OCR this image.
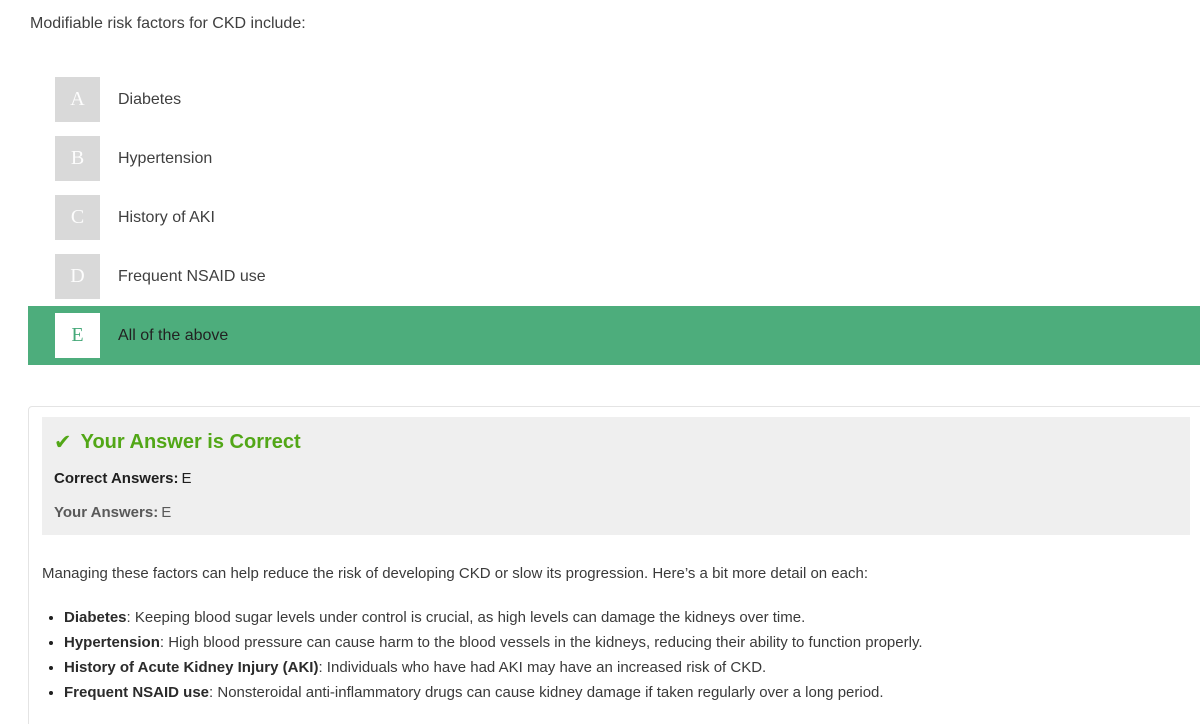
Modifiable risk factors for CKD include:
A	Diabetes
B	Hypertension
C	History of AKI
D	Frequent NSAID use
E	All of the above
✔ Your Answer is Correct
Correct Answers: E
Your Answers: E

Managing these factors can help reduce the risk of developing CKD or slow its progression. Here’s a bit more detail on each:

• Diabetes: Keeping blood sugar levels under control is crucial, as high levels can damage the kidneys over time.
• Hypertension: High blood pressure can cause harm to the blood vessels in the kidneys, reducing their ability to function properly.
• History of Acute Kidney Injury (AKI): Individuals who have had AKI may have an increased risk of CKD.
• Frequent NSAID use: Nonsteroidal anti-inflammatory drugs can cause kidney damage if taken regularly over a long period.
